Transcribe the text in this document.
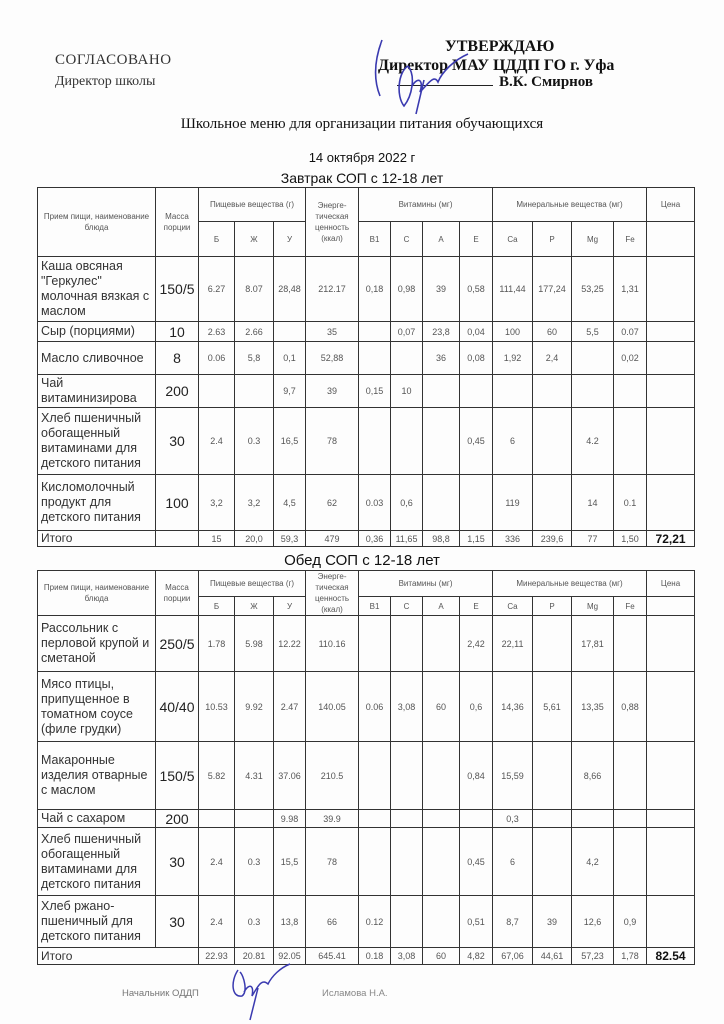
СОГЛАСОВАНО
Директор школы
УТВЕРЖДАЮ
Директор МАУ ЦДДП ГО г. Уфа
В.К. Смирнов
Школьное меню для организации питания обучающихся
14 октября 2022 г
Завтрак СОП с 12-18 лет
Прием пищи, наименование блюда	Масса порции	Пищевые вещества (г)			Энерге-тическая ценность (ккал)	Витамины (мг)				Минеральные вещества (мг)				Цена
		Б	Ж	У		В1	С	А	Е	Ca	P	Mg	Fe	
Каша овсяная "Геркулес" молочная вязкая с маслом	150/5	6.27	8.07	28,48	212.17	0,18	0,98	39	0,58	111,44	177,24	53,25	1,31	
Сыр (порциями)	10	2.63	2.66		35		0,07	23,8	0,04	100	60	5,5	0.07	
Масло сливочное	8	0.06	5,8	0,1	52,88			36	0,08	1,92	2,4		0,02	
Чай витаминизирова	200			9,7	39	0,15	10							
Хлеб пшеничный обогащенный витаминами для детского питания	30	2.4	0.3	16,5	78				0,45	6		4.2		
Кисломолочный продукт для детского питания	100	3,2	3,2	4,5	62	0.03	0,6			119		14	0.1	
Итого		15	20,0	59,3	479	0,36	11,65	98,8	1,15	336	239,6	77	1,50	72,21
Обед СОП с 12-18 лет
Прием пищи, наименование блюда	Масса порции	Пищевые вещества (г)			Энерге-тическая ценность (ккал)	Витамины (мг)				Минеральные вещества (мг)				Цена
		Б	Ж	У		В1	С	А	Е	Ca	P	Mg	Fe	
Рассольник с перловой крупой и сметаной	250/5	1.78	5.98	12.22	110.16				2,42	22,11		17,81		
Мясо птицы, припущенное в томатном соусе (филе грудки)	40/40	10.53	9.92	2.47	140.05	0.06	3,08	60	0,6	14,36	5,61	13,35	0,88	
Макаронные изделия отварные с маслом	150/5	5.82	4.31	37.06	210.5				0,84	15,59		8,66		
Чай с сахаром	200			9.98	39.9					0,3				
Хлеб пшеничный обогащенный витаминами для детского питания	30	2.4	0.3	15,5	78				0,45	6		4,2		
Хлеб ржано-пшеничный для детского питания	30	2.4	0.3	13,8	66	0.12			0,51	8,7	39	12,6	0,9	
Итого		22.93	20.81	92.05	645.41	0.18	3,08	60	4,82	67,06	44,61	57,23	1,78	82.54
Начальник ОДДП	Исламова Н.А.
